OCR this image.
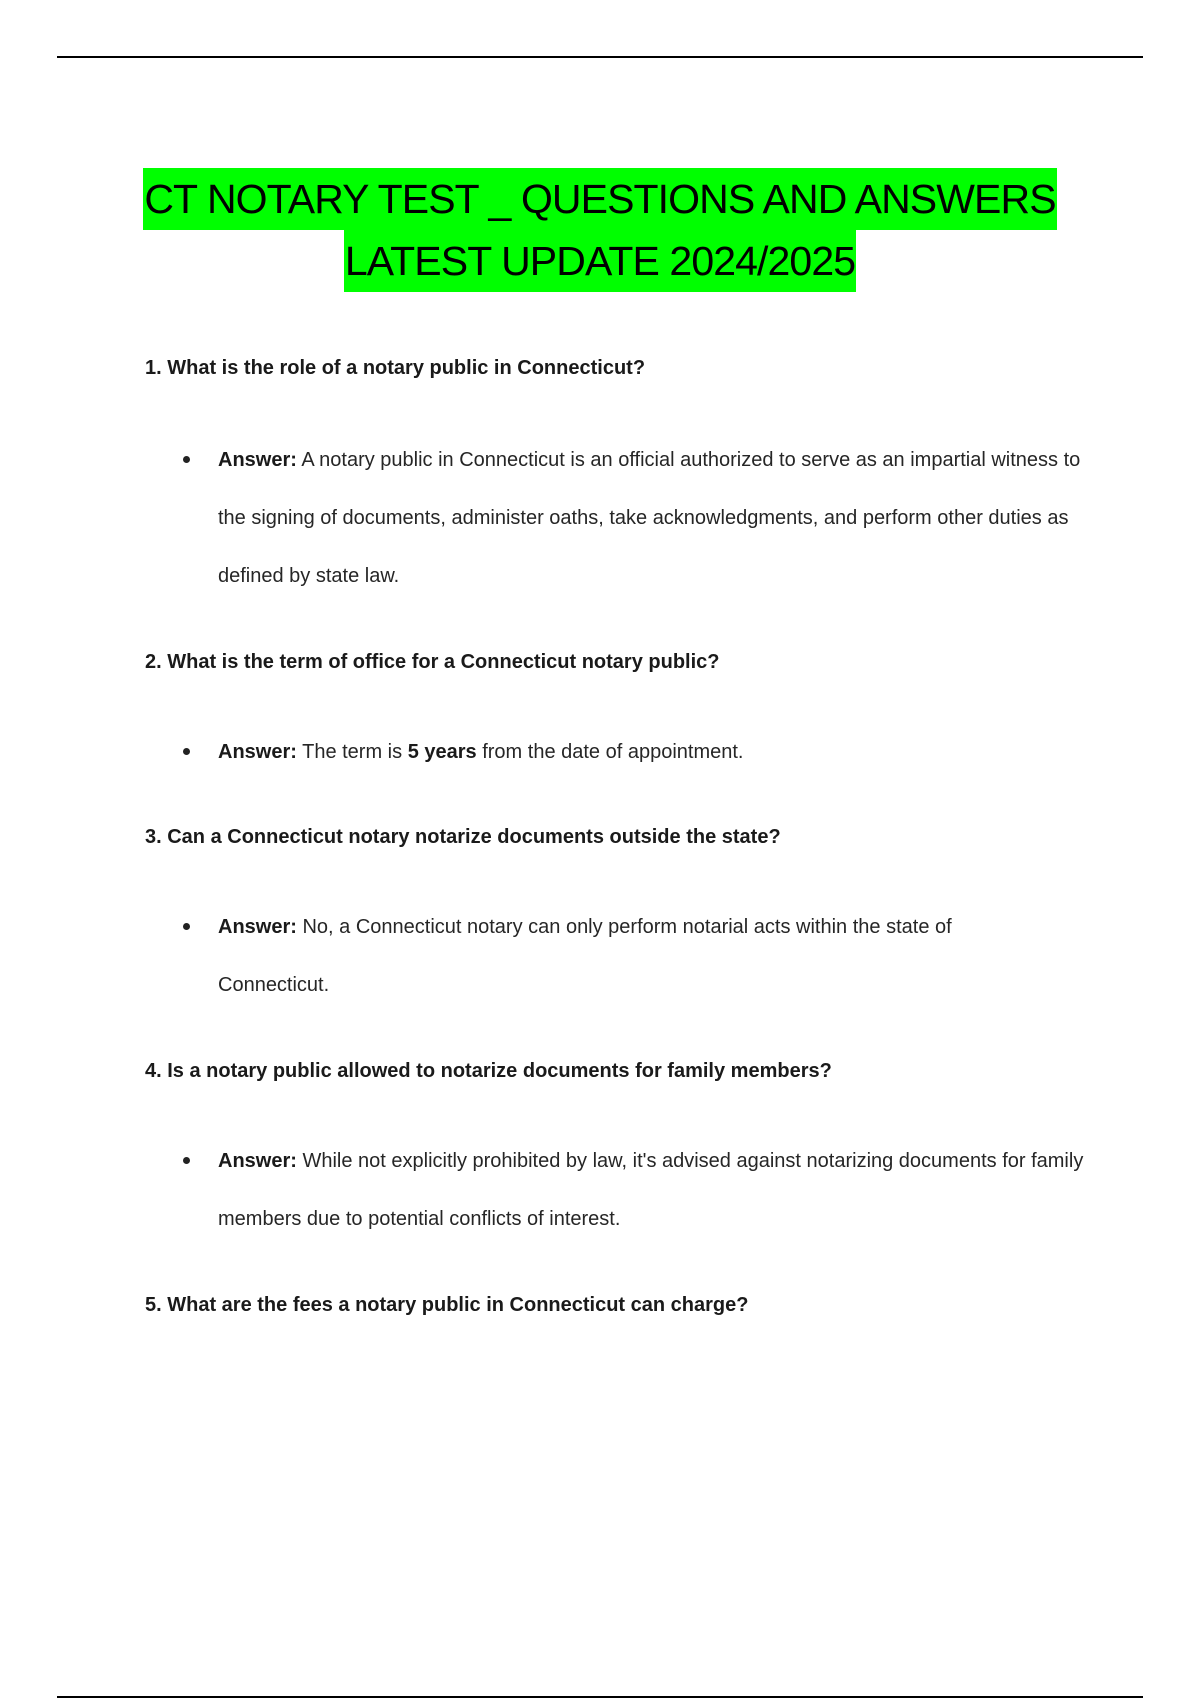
CT NOTARY TEST _ QUESTIONS AND ANSWERS
LATEST UPDATE 2024/2025
1. What is the role of a notary public in Connecticut?
Answer: A notary public in Connecticut is an official authorized to serve as an impartial witness to the signing of documents, administer oaths, take acknowledgments, and perform other duties as defined by state law.
2. What is the term of office for a Connecticut notary public?
Answer: The term is 5 years from the date of appointment.
3. Can a Connecticut notary notarize documents outside the state?
Answer: No, a Connecticut notary can only perform notarial acts within the state of Connecticut.
4. Is a notary public allowed to notarize documents for family members?
Answer: While not explicitly prohibited by law, it's advised against notarizing documents for family members due to potential conflicts of interest.
5. What are the fees a notary public in Connecticut can charge?
